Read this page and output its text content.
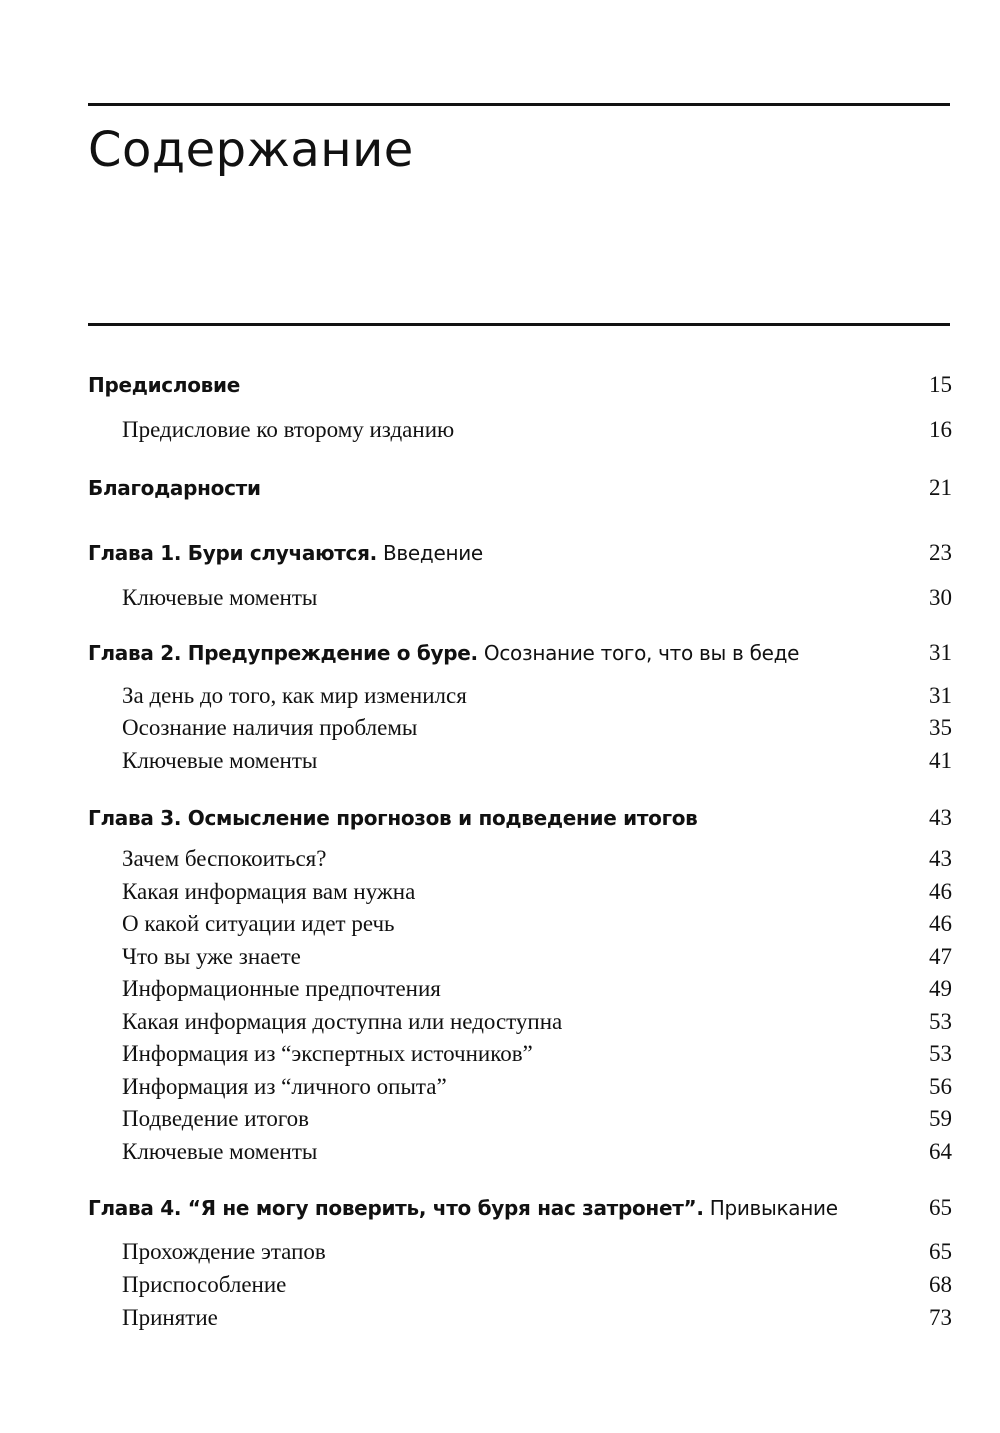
Содержание
Предисловие	15
Предисловие ко второму изданию	16
Благодарности	21
Глава 1. Бури случаются. Введение	23
Ключевые моменты	30
Глава 2. Предупреждение о буре. Осознание того, что вы в беде	31
За день до того, как мир изменился	31
Осознание наличия проблемы	35
Ключевые моменты	41
Глава 3. Осмысление прогнозов и подведение итогов	43
Зачем беспокоиться?	43
Какая информация вам нужна	46
О какой ситуации идет речь	46
Что вы уже знаете	47
Информационные предпочтения	49
Какая информация доступна или недоступна	53
Информация из “экспертных источников”	53
Информация из “личного опыта”	56
Подведение итогов	59
Ключевые моменты	64
Глава 4. “Я не могу поверить, что буря нас затронет”. Привыкание	65
Прохождение этапов	65
Приспособление	68
Принятие	73
